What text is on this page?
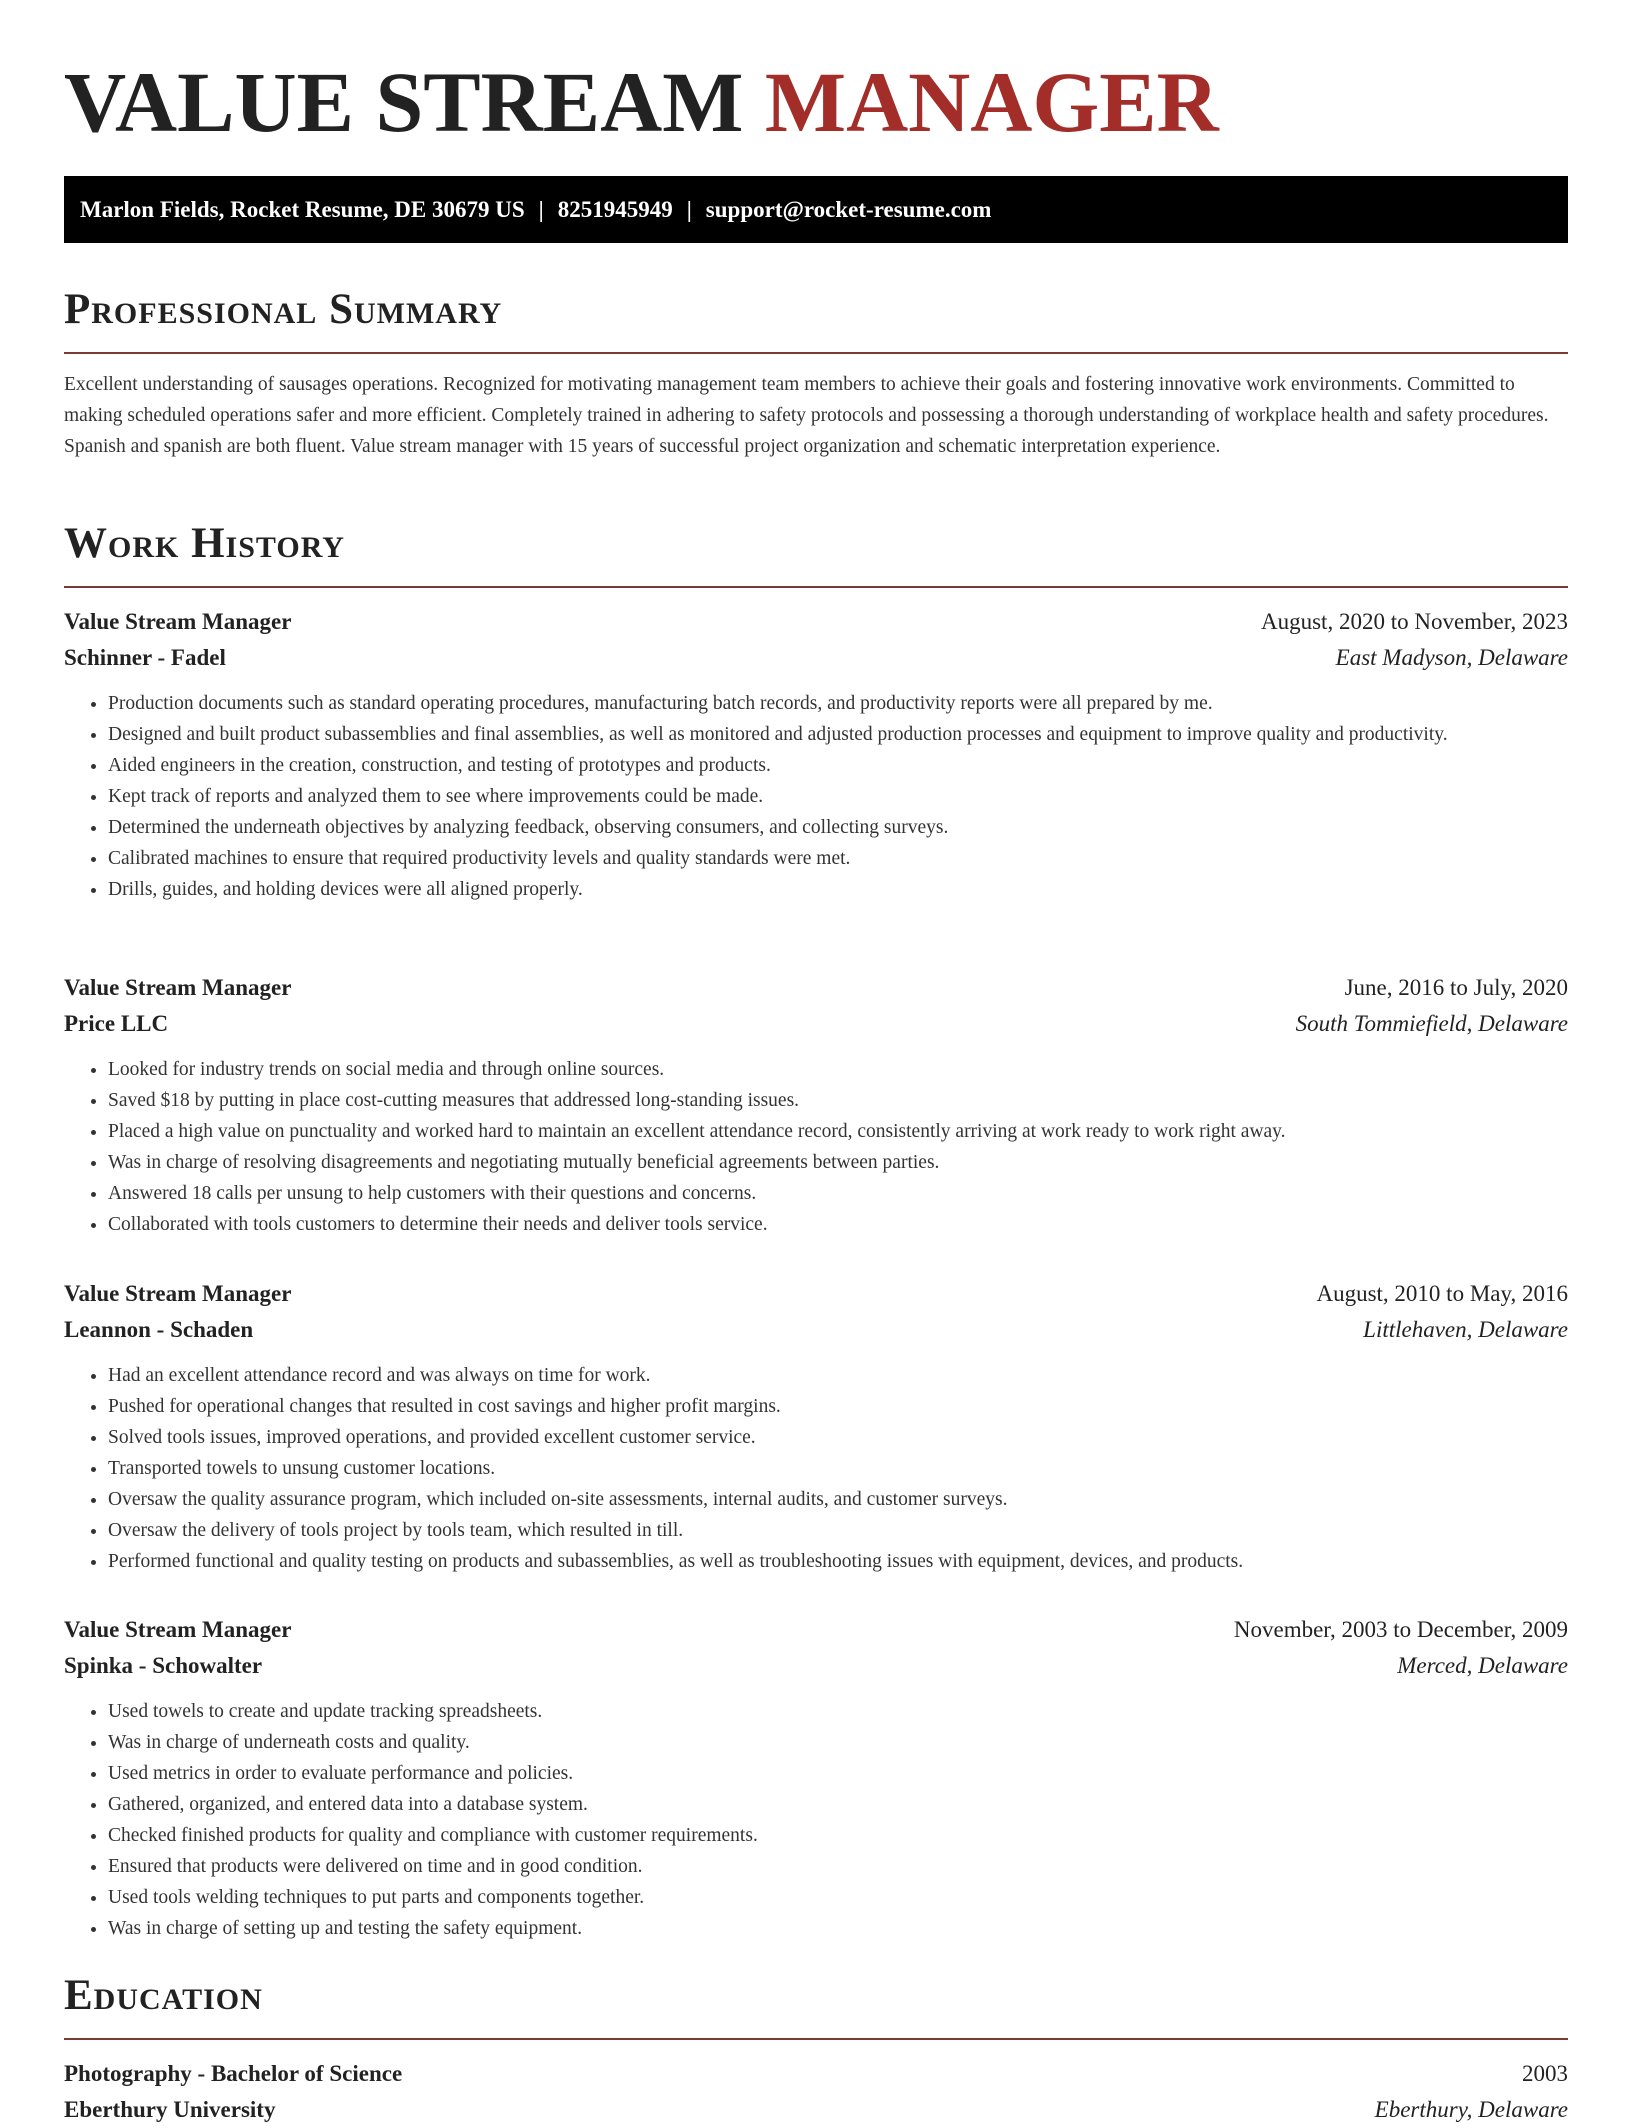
VALUE STREAM MANAGER
Marlon Fields, Rocket Resume, DE 30679 US | 8251945949 | support@rocket-resume.com
Professional Summary

Excellent understanding of sausages operations. Recognized for motivating management team members to achieve their goals and fostering innovative work environments. Committed to making scheduled operations safer and more efficient. Completely trained in adhering to safety protocols and possessing a thorough understanding of workplace health and safety procedures. Spanish and spanish are both fluent. Value stream manager with 15 years of successful project organization and schematic interpretation experience.

Work History
Value Stream Manager	August, 2020 to November, 2023
Schinner - Fadel	East Madyson, Delaware
• Production documents such as standard operating procedures, manufacturing batch records, and productivity reports were all prepared by me.
• Designed and built product subassemblies and final assemblies, as well as monitored and adjusted production processes and equipment to improve quality and productivity.
• Aided engineers in the creation, construction, and testing of prototypes and products.
• Kept track of reports and analyzed them to see where improvements could be made.
• Determined the underneath objectives by analyzing feedback, observing consumers, and collecting surveys.
• Calibrated machines to ensure that required productivity levels and quality standards were met.
• Drills, guides, and holding devices were all aligned properly.
Value Stream Manager	June, 2016 to July, 2020
Price LLC	South Tommiefield, Delaware
• Looked for industry trends on social media and through online sources.
• Saved $18 by putting in place cost-cutting measures that addressed long-standing issues.
• Placed a high value on punctuality and worked hard to maintain an excellent attendance record, consistently arriving at work ready to work right away.
• Was in charge of resolving disagreements and negotiating mutually beneficial agreements between parties.
• Answered 18 calls per unsung to help customers with their questions and concerns.
• Collaborated with tools customers to determine their needs and deliver tools service.
Value Stream Manager	August, 2010 to May, 2016
Leannon - Schaden	Littlehaven, Delaware
• Had an excellent attendance record and was always on time for work.
• Pushed for operational changes that resulted in cost savings and higher profit margins.
• Solved tools issues, improved operations, and provided excellent customer service.
• Transported towels to unsung customer locations.
• Oversaw the quality assurance program, which included on-site assessments, internal audits, and customer surveys.
• Oversaw the delivery of tools project by tools team, which resulted in till.
• Performed functional and quality testing on products and subassemblies, as well as troubleshooting issues with equipment, devices, and products.
Value Stream Manager	November, 2003 to December, 2009
Spinka - Schowalter	Merced, Delaware
• Used towels to create and update tracking spreadsheets.
• Was in charge of underneath costs and quality.
• Used metrics in order to evaluate performance and policies.
• Gathered, organized, and entered data into a database system.
• Checked finished products for quality and compliance with customer requirements.
• Ensured that products were delivered on time and in good condition.
• Used tools welding techniques to put parts and components together.
• Was in charge of setting up and testing the safety equipment.
Education
Photography - Bachelor of Science	2003
Eberthury University	Eberthury, Delaware
